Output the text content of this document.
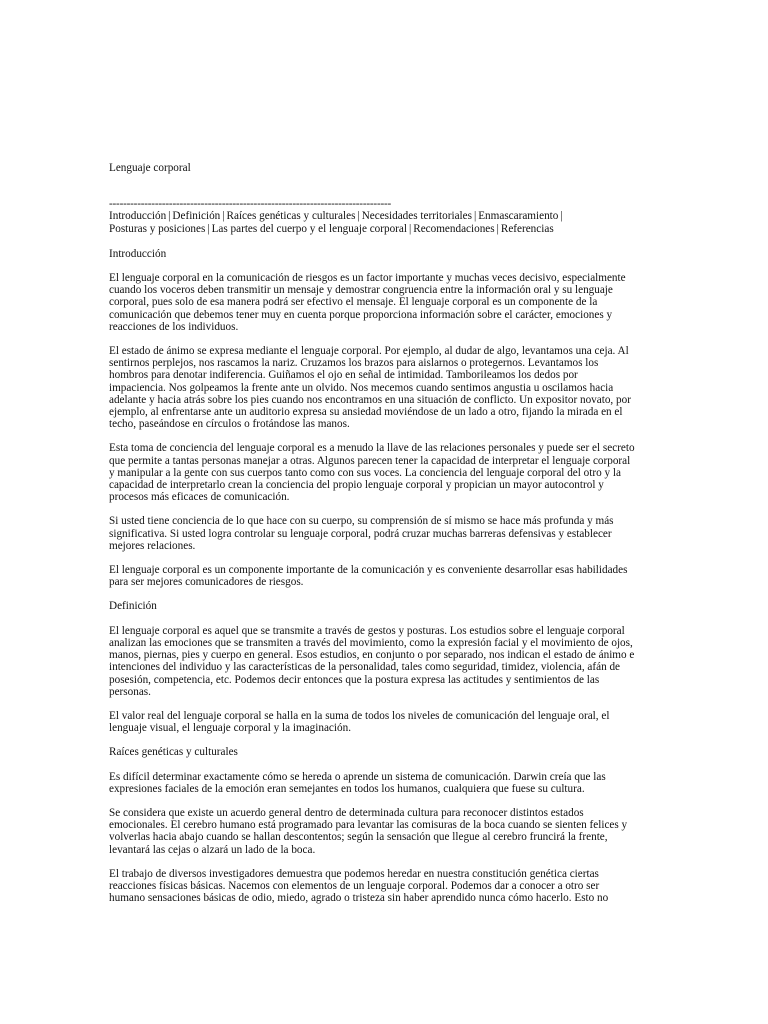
Lenguaje corporal

--------------------------------------------------------------------------------

Introducción | Definición | Raíces genéticas y culturales | Necesidades territoriales | Enmascaramiento |
Posturas y posiciones | Las partes del cuerpo y el lenguaje corporal | Recomendaciones | Referencias

Introducción

El lenguaje corporal en la comunicación de riesgos es un factor importante y muchas veces decisivo, especialmente cuando los voceros deben transmitir un mensaje y demostrar congruencia entre la información oral y su lenguaje corporal, pues solo de esa manera podrá ser efectivo el mensaje. El lenguaje corporal es un componente de la comunicación que debemos tener muy en cuenta porque proporciona información sobre el carácter, emociones y reacciones de los individuos.

El estado de ánimo se expresa mediante el lenguaje corporal. Por ejemplo, al dudar de algo, levantamos una ceja. Al sentirnos perplejos, nos rascamos la nariz. Cruzamos los brazos para aislarnos o protegernos. Levantamos los hombros para denotar indiferencia. Guiñamos el ojo en señal de intimidad. Tamborileamos los dedos por impaciencia. Nos golpeamos la frente ante un olvido. Nos mecemos cuando sentimos angustia u oscilamos hacia adelante y hacia atrás sobre los pies cuando nos encontramos en una situación de conflicto. Un expositor novato, por ejemplo, al enfrentarse ante un auditorio expresa su ansiedad moviéndose de un lado a otro, fijando la mirada en el techo, paseándose en círculos o frotándose las manos.

Esta toma de conciencia del lenguaje corporal es a menudo la llave de las relaciones personales y puede ser el secreto que permite a tantas personas manejar a otras. Algunos parecen tener la capacidad de interpretar el lenguaje corporal y manipular a la gente con sus cuerpos tanto como con sus voces. La conciencia del lenguaje corporal del otro y la capacidad de interpretarlo crean la conciencia del propio lenguaje corporal y propician un mayor autocontrol y procesos más eficaces de comunicación.

Si usted tiene conciencia de lo que hace con su cuerpo, su comprensión de sí mismo se hace más profunda y más significativa. Si usted logra controlar su lenguaje corporal, podrá cruzar muchas barreras defensivas y establecer mejores relaciones.

El lenguaje corporal es un componente importante de la comunicación y es conveniente desarrollar esas habilidades para ser mejores comunicadores de riesgos.

Definición

El lenguaje corporal es aquel que se transmite a través de gestos y posturas. Los estudios sobre el lenguaje corporal analizan las emociones que se transmiten a través del movimiento, como la expresión facial y el movimiento de ojos, manos, piernas, pies y cuerpo en general. Esos estudios, en conjunto o por separado, nos indican el estado de ánimo e intenciones del individuo y las características de la personalidad, tales como seguridad, timidez, violencia, afán de posesión, competencia, etc. Podemos decir entonces que la postura expresa las actitudes y sentimientos de las personas.

El valor real del lenguaje corporal se halla en la suma de todos los niveles de comunicación del lenguaje oral, el lenguaje visual, el lenguaje corporal y la imaginación.

Raíces genéticas y culturales

Es difícil determinar exactamente cómo se hereda o aprende un sistema de comunicación. Darwin creía que las expresiones faciales de la emoción eran semejantes en todos los humanos, cualquiera que fuese su cultura.

Se considera que existe un acuerdo general dentro de determinada cultura para reconocer distintos estados emocionales. El cerebro humano está programado para levantar las comisuras de la boca cuando se sienten felices y volverlas hacia abajo cuando se hallan descontentos; según la sensación que llegue al cerebro fruncirá la frente, levantará las cejas o alzará un lado de la boca.

El trabajo de diversos investigadores demuestra que podemos heredar en nuestra constitución genética ciertas reacciones físicas básicas. Nacemos con elementos de un lenguaje corporal. Podemos dar a conocer a otro ser humano sensaciones básicas de odio, miedo, agrado o tristeza sin haber aprendido nunca cómo hacerlo. Esto no
